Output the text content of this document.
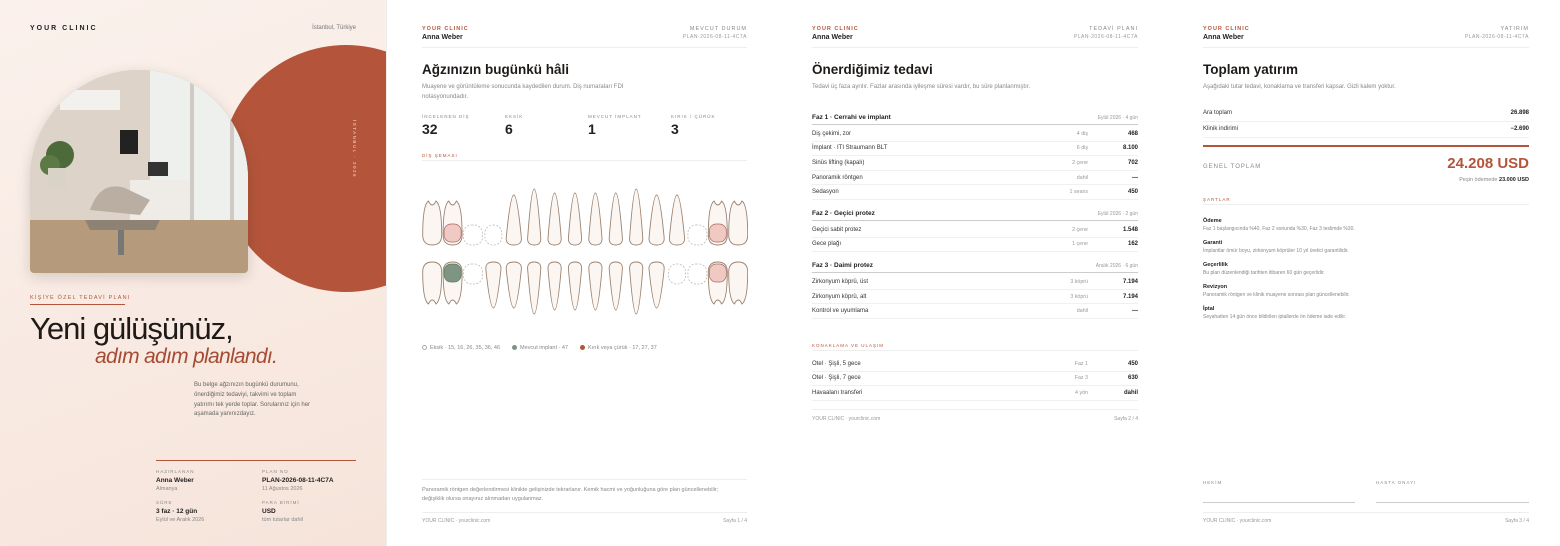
YOUR CLINIC	İstanbul, Türkiye
İSTANBUL · 2026
KİŞİYE ÖZEL TEDAVİ PLANI
Yeni gülüşünüz,
adım adım planlandı.
Bu belge ağzınızın bugünkü durumunu, önerdiğimiz tedaviyi, takvimi ve toplam yatırımı tek yerde toplar. Sorularınız için her aşamada yanınızdayız.
HAZIRLANAN
Anna Weber
Almanya
PLAN NO
PLAN-2026-08-11-4C7A
11 Ağustos 2026
SÜRE
3 faz · 12 gün
Eylül ve Aralık 2026
PARA BİRİMİ
USD
tüm tutarlar dahil
YOUR CLINIC
Anna Weber
MEVCUT DURUM
PLAN-2026-08-11-4C7A
Ağzınızın bugünkü hâli
Muayene ve görüntüleme sonucunda kaydedilen durum. Diş numaraları FDI notasyonundadır.
İNCELENEN DİŞ
32
EKSİK
6
MEVCUT İMPLANT
1
KIRIK / ÇÜRÜK
3
DİŞ ŞEMASI
Eksik · 15, 16, 26, 35, 36, 46	Mevcut implant · 47	Kırık veya çürük · 17, 27, 37
Panoramik röntgen değerlendirmesi klinikte gelişinizde tekrarlanır. Kemik hacmi ve yoğunluğuna göre plan güncellenebilir; değişiklik olursa onayınız alınmadan uygulanmaz.
YOUR CLINIC · yourclinic.com	Sayfa 1 / 4
YOUR CLINIC
Anna Weber
TEDAVİ PLANI
PLAN-2026-08-11-4C7A
Önerdiğimiz tedavi
Tedavi üç faza ayrılır. Fazlar arasında iyileşme süresi vardır, bu süre planlanmıştır.
Faz 1 · Cerrahi ve implant	Eylül 2026 · 4 gün
Diş çekimi, zor	4 diş	468
İmplant · ITI Straumann BLT	6 diş	8.100
Sinüs lifting (kapalı)	2 çene	702
Panoramik röntgen	dahil	—
Sedasyon	1 seans	450
Faz 2 · Geçici protez	Eylül 2026 · 2 gün
Geçici sabit protez	2 çene	1.548
Gece plağı	1 çene	162
Faz 3 · Daimi protez	Aralık 2026 · 6 gün
Zirkonyum köprü, üst	3 köprü	7.194
Zirkonyum köprü, alt	3 köprü	7.194
Kontrol ve uyumlama	dahil	—
KONAKLAMA VE ULAŞIM
Otel · Şişli, 5 gece	Faz 1	450
Otel · Şişli, 7 gece	Faz 3	630
Havaalanı transferi	4 yön	dahil
YOUR CLINIC · yourclinic.com	Sayfa 2 / 4
YOUR CLINIC
Anna Weber
YATIRIM
PLAN-2026-08-11-4C7A
Toplam yatırım
Aşağıdaki tutar tedavi, konaklama ve transferi kapsar. Gizli kalem yoktur.
Ara toplam	26.898
Klinik indirimi	−2.690
GENEL TOPLAM	24.208 USD
Peşin ödemede 23.000 USD
ŞARTLAR
Ödeme
Faz 1 başlangıcında %40, Faz 2 sonunda %30, Faz 3 teslimde %30.
Garanti
İmplantlar ömür boyu, zirkonyum köprüler 10 yıl üretici garantilidir.
Geçerlilik
Bu plan düzenlendiği tarihten itibaren 60 gün geçerlidir.
Revizyon
Panoramik röntgen ve klinik muayene sonrası plan güncellenebilir.
İptal
Seyahatten 14 gün önce bildirilen iptallerde ön ödeme iade edilir.
HEKİM	HASTA ONAYI
YOUR CLINIC · yourclinic.com	Sayfa 3 / 4
